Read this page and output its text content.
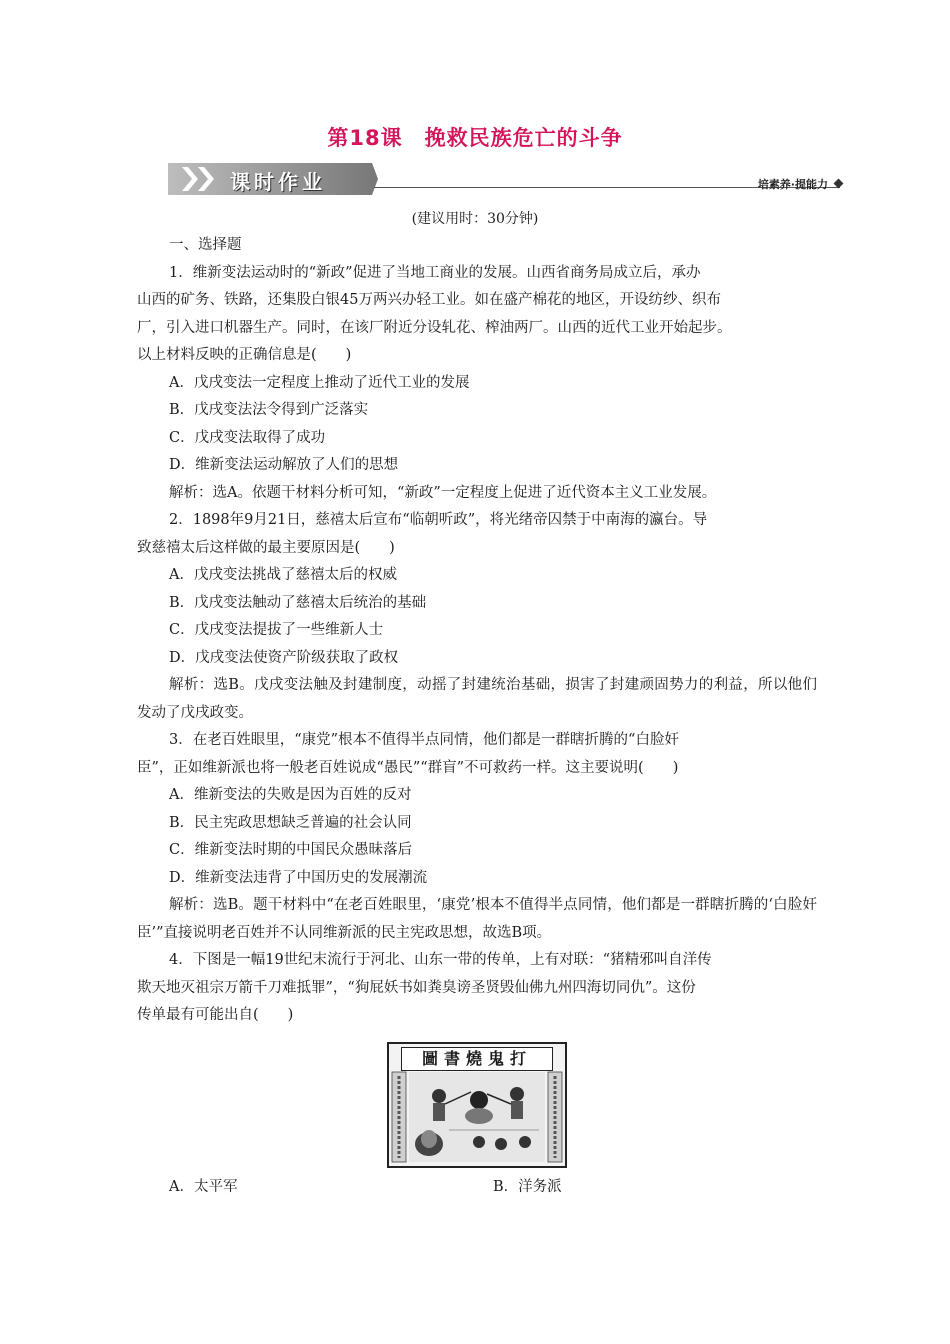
第18课　挽救民族危亡的斗争
课时作业	培素养·提能力
(建议用时：30分钟)
一、选择题
1．维新变法运动时的“新政”促进了当地工商业的发展。山西省商务局成立后，承办
山西的矿务、铁路，还集股白银45万两兴办轻工业。如在盛产棉花的地区，开设纺纱、织布
厂，引入进口机器生产。同时，在该厂附近分设轧花、榨油两厂。山西的近代工业开始起步。
以上材料反映的正确信息是(　　)
A．戊戌变法一定程度上推动了近代工业的发展
B．戊戌变法法令得到广泛落实
C．戊戌变法取得了成功
D．维新变法运动解放了人们的思想
解析：选A。依题干材料分析可知，“新政”一定程度上促进了近代资本主义工业发展。
2．1898年9月21日，慈禧太后宣布“临朝听政”，将光绪帝囚禁于中南海的瀛台。导
致慈禧太后这样做的最主要原因是(　　)
A．戊戌变法挑战了慈禧太后的权威
B．戊戌变法触动了慈禧太后统治的基础
C．戊戌变法提拔了一些维新人士
D．戊戌变法使资产阶级获取了政权
解析：选B。戊戌变法触及封建制度，动摇了封建统治基础，损害了封建顽固势力的利益，所以他们发动了戊戌政变。
3．在老百姓眼里，“康党”根本不值得半点同情，他们都是一群瞎折腾的“白脸奸
臣”，正如维新派也将一般老百姓说成“愚民”“群盲”不可救药一样。这主要说明(　　)
A．维新变法的失败是因为百姓的反对
B．民主宪政思想缺乏普遍的社会认同
C．维新变法时期的中国民众愚昧落后
D．维新变法违背了中国历史的发展潮流
解析：选B。题干材料中“在老百姓眼里，‘康党’根本不值得半点同情，他们都是一群瞎折腾的‘白脸奸臣’”直接说明老百姓并不认同维新派的民主宪政思想，故选B项。
4．下图是一幅19世纪末流行于河北、山东一带的传单，上有对联：“猪精邪叫自洋传
欺天地灭祖宗万箭千刀难抵罪”，“狗屁妖书如粪臭谤圣贤毁仙佛九州四海切同仇”。这份
传单最有可能出自(　　)
圖書燒鬼打
A．太平军	B．洋务派
